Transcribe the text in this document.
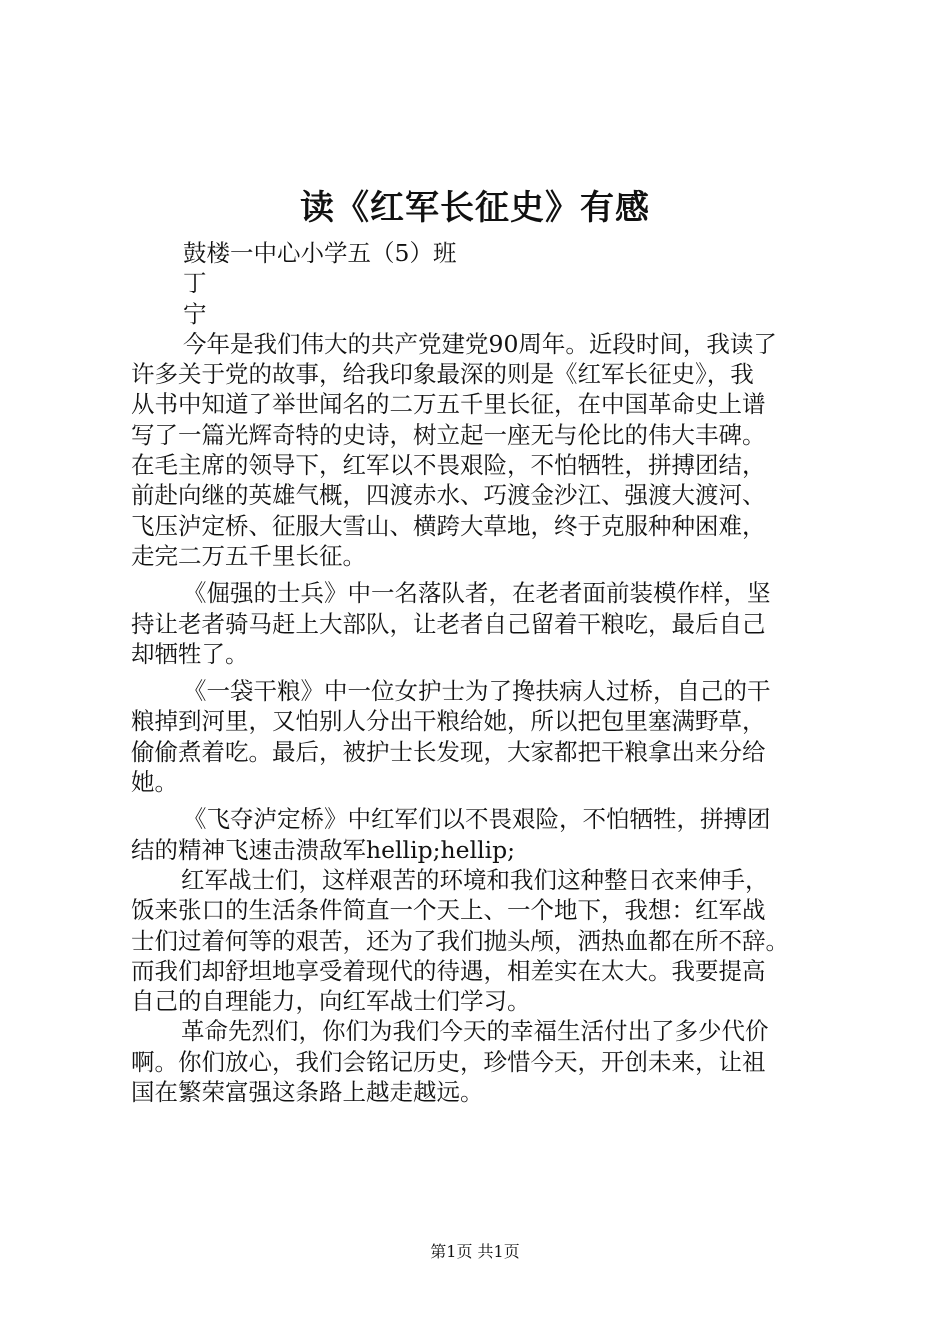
读《红军长征史》有感
鼓楼一中心小学五（5）班
丁
宁
今年是我们伟大的共产党建党90周年。近段时间，我读了
许多关于党的故事，给我印象最深的则是《红军长征史》，我
从书中知道了举世闻名的二万五千里长征，在中国革命史上谱
写了一篇光辉奇特的史诗，树立起一座无与伦比的伟大丰碑。
在毛主席的领导下，红军以不畏艰险，不怕牺牲，拼搏团结，
前赴向继的英雄气概，四渡赤水、巧渡金沙江、强渡大渡河、
飞压泸定桥、征服大雪山、横跨大草地，终于克服种种困难，
走完二万五千里长征。
《倔强的士兵》中一名落队者，在老者面前装模作样，坚
持让老者骑马赶上大部队，让老者自己留着干粮吃，最后自己
却牺牲了。
《一袋干粮》中一位女护士为了搀扶病人过桥，自己的干
粮掉到河里，又怕别人分出干粮给她，所以把包里塞满野草，
偷偷煮着吃。最后，被护士长发现，大家都把干粮拿出来分给
她。
《飞夺泸定桥》中红军们以不畏艰险，不怕牺牲，拼搏团
结的精神飞速击溃敌军hellip;hellip;
红军战士们，这样艰苦的环境和我们这种整日衣来伸手，
饭来张口的生活条件简直一个天上、一个地下，我想：红军战
士们过着何等的艰苦，还为了我们抛头颅，洒热血都在所不辞。
而我们却舒坦地享受着现代的待遇，相差实在太大。我要提高
自己的自理能力，向红军战士们学习。
革命先烈们，你们为我们今天的幸福生活付出了多少代价
啊。你们放心，我们会铭记历史，珍惜今天，开创未来，让祖
国在繁荣富强这条路上越走越远。
第1页 共1页
